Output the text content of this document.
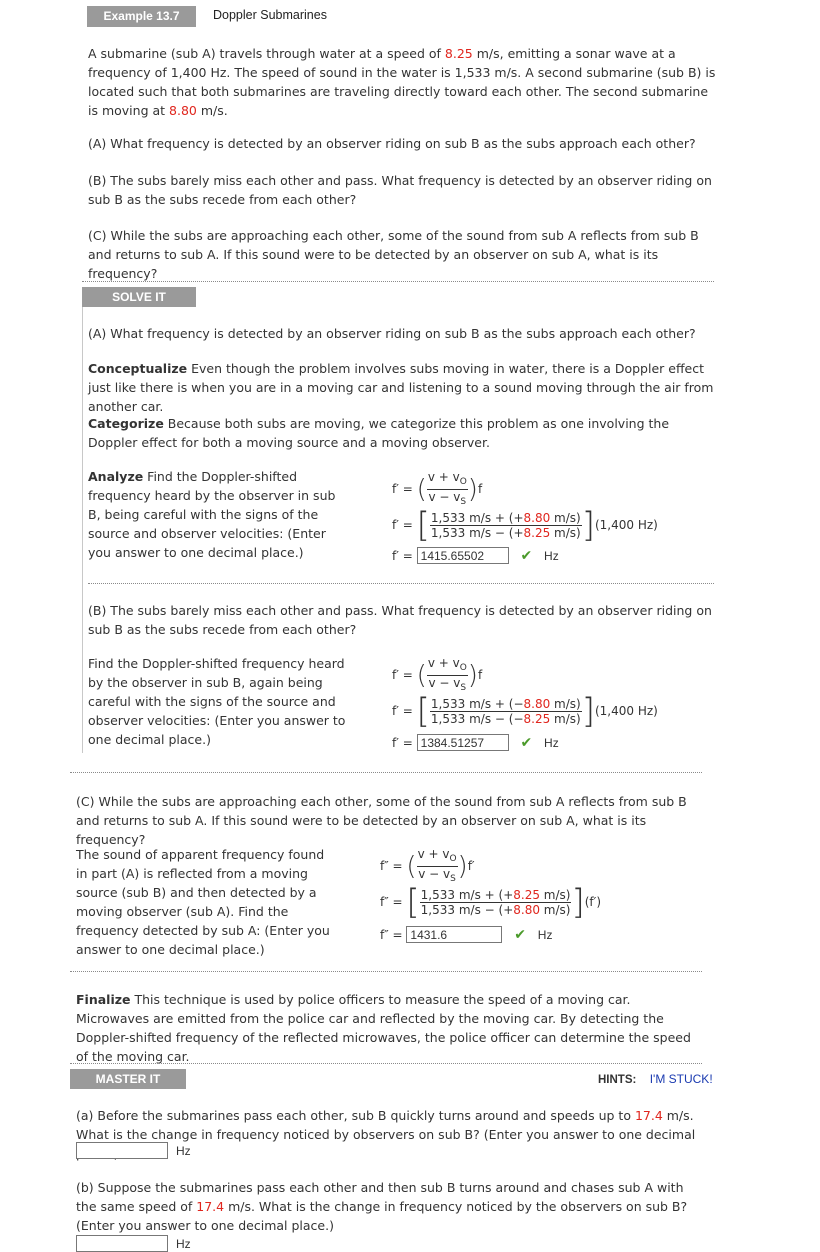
Example 13.7	Doppler Submarines

A submarine (sub A) travels through water at a speed of 8.25 m/s, emitting a sonar wave at a frequency of 1,400 Hz. The speed of sound in the water is 1,533 m/s. A second submarine (sub B) is located such that both submarines are traveling directly toward each other. The second submarine is moving at 8.80 m/s.

(A) What frequency is detected by an observer riding on sub B as the subs approach each other?

(B) The subs barely miss each other and pass. What frequency is detected by an observer riding on sub B as the subs recede from each other?

(C) While the subs are approaching each other, some of the sound from sub A reflects from sub B and returns to sub A. If this sound were to be detected by an observer on sub A, what is its frequency?

SOLVE IT

(A) What frequency is detected by an observer riding on sub B as the subs approach each other?

Conceptualize Even though the problem involves subs moving in water, there is a Doppler effect just like there is when you are in a moving car and listening to a sound moving through the air from another car.

Categorize Because both subs are moving, we categorize this problem as one involving the Doppler effect for both a moving source and a moving observer.

Analyze Find the Doppler-shifted frequency heard by the observer in sub B, being careful with the signs of the source and observer velocities: (Enter you answer to one decimal place.)

f′ = ( $\frac{v + v_O}{v - v_S} )f$
f′ = [ $\frac{1,533 m/s + (+8.80 m/s)}{1,533 m/s - (+8.25 m/s)} ](1,400$ Hz)
f′ = 1415.65502	✔ Hz

(B) The subs barely miss each other and pass. What frequency is detected by an observer riding on sub B as the subs recede from each other?

Find the Doppler-shifted frequency heard by the observer in sub B, again being careful with the signs of the source and observer velocities: (Enter you answer to one decimal place.)

f′ = ( $\frac{v + v_O}{v - v_S} )f$
f′ = [ $\frac{1,533 m/s + (-8.80 m/s)}{1,533 m/s - (-8.25 m/s)} ](1,400$ Hz)
f′ = 1384.51257	✔ Hz

(C) While the subs are approaching each other, some of the sound from sub A reflects from sub B and returns to sub A. If this sound were to be detected by an observer on sub A, what is its frequency?

The sound of apparent frequency found in part (A) is reflected from a moving source (sub B) and then detected by a moving observer (sub A). Find the frequency detected by sub A: (Enter you answer to one decimal place.)

f″ = ( $\frac{v + v_O}{v - v_S} )f'$
f″ = [ $\frac{1,533 m/s + (+8.25 m/s)}{1,533 m/s - (+8.80 m/s)} ](f')$
f″ = 1431.6	✔ Hz

Finalize This technique is used by police officers to measure the speed of a moving car. Microwaves are emitted from the police car and reflected by the moving car. By detecting the Doppler-shifted frequency of the reflected microwaves, the police officer can determine the speed of the moving car.

MASTER IT	HINTS: I'M STUCK!

(a) Before the submarines pass each other, sub B quickly turns around and speeds up to 17.4 m/s. What is the change in frequency noticed by observers on sub B? (Enter you answer to one decimal

Hz

(b) Suppose the submarines pass each other and then sub B turns around and chases sub A with the same speed of 17.4 m/s. What is the change in frequency noticed by the observers on sub B? (Enter you answer to one decimal place.)

Hz
